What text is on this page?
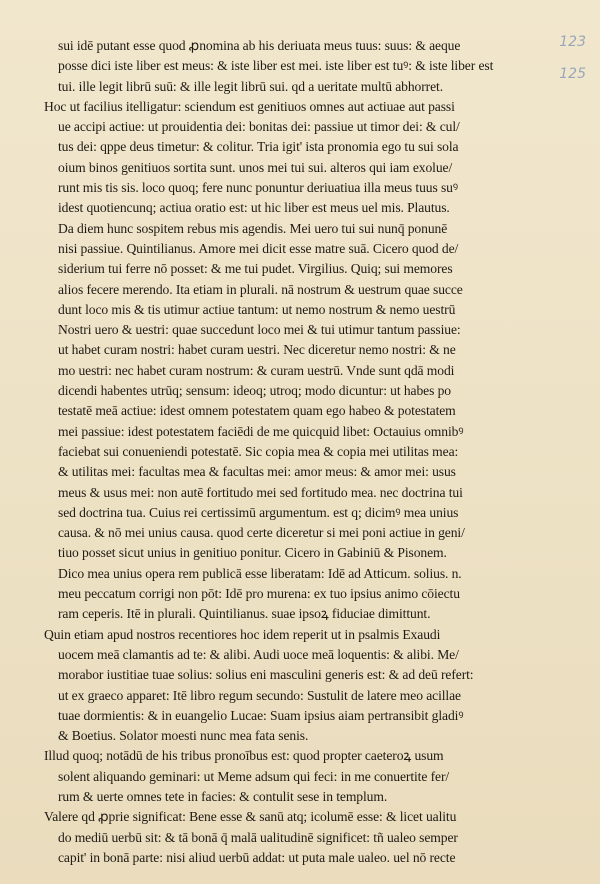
123
125
sui idē putant esse quod ꝓnomina ab his deriuata meus tuus: suus: & aeque
posse dici iste liber est meus: & iste liber est mei. iste liber est tuꝰ: & iste liber est
tui. ille legit librū suū: & ille legit librū sui. qd a ueritate multū abhorret.
Hoc ut facilius itelligatur: sciendum est genitiuos omnes aut actiuae aut passi
ue accipi actiue: ut prouidentia dei: bonitas dei: passiue ut timor dei: & cul/
tus dei: qppe deus timetur: & colitur. Tria igit' ista pronomia ego tu sui sola
oium binos genitiuos sortita sunt. unos mei tui sui. alteros qui iam exolue/
runt mis tis sis. loco quoq; fere nunc ponuntur deriuatiua illa meus tuus suꝰ
idest quotiencunq; actiua oratio est: ut hic liber est meus uel mis. Plautus.
Da diem hunc sospitem rebus mis agendis. Mei uero tui sui nunq̄ ponunē
nisi passiue. Quintilianus. Amore mei dicit esse matre suā. Cicero quod de/
siderium tui ferre nō posset: & me tui pudet. Virgilius. Quiq; sui memores
alios fecere merendo. Ita etiam in plurali. nā nostrum & uestrum quae succe
dunt loco mis & tis utimur actiue tantum: ut nemo nostrum & nemo uestrū
Nostri uero & uestri: quae succedunt loco mei & tui utimur tantum passiue:
ut habet curam nostri: habet curam uestri. Nec diceretur nemo nostri: & ne
mo uestri: nec habet curam nostrum: & curam uestrū. Vnde sunt qdā modi
dicendi habentes utrūq; sensum: ideoq; utroq; modo dicuntur: ut habes po
testatē meā actiue: idest omnem potestatem quam ego habeo & potestatem
mei passiue: idest potestatem faciēdi de me quicquid libet: Octauius omnibꝰ
faciebat sui conueniendi potestatē. Sic copia mea & copia mei utilitas mea:
& utilitas mei: facultas mea & facultas mei: amor meus: & amor mei: usus
meus & usus mei: non autē fortitudo mei sed fortitudo mea. nec doctrina tui
sed doctrina tua. Cuius rei certissimū argumentum. est q; dicimꝰ mea unius
causa. & nō mei unius causa. quod certe diceretur si mei poni actiue in geni/
tiuo posset sicut unius in genitiuo ponitur. Cicero in Gabiniū & Pisonem.
Dico mea unius opera rem publicā esse liberatam: Idē ad Atticum. solius. n.
meu peccatum corrigi non pōt: Idē pro murena: ex tuo ipsius animo cōiectu
ram ceperis. Itē in plurali. Quintilianus. suae ipsoꝝ fiduciae dimittunt.
Quin etiam apud nostros recentiores hoc idem reperit ut in psalmis Exaudi
uocem meā clamantis ad te: & alibi. Audi uoce meā loquentis: & alibi. Me/
morabor iustitiae tuae solius: solius eni masculini generis est: & ad deū refert:
ut ex graeco apparet: Itē libro regum secundo: Sustulit de latere meo acillae
tuae dormientis: & in euangelio Lucae: Suam ipsius aiam pertransibit gladiꝰ
& Boetius. Solator moesti nunc mea fata senis.
Illud quoq; notādū de his tribus pronoībus est: quod propter caeteroꝝ usum
solent aliquando geminari: ut Meme adsum qui feci: in me conuertite fer/
rum & uerte omnes tete in facies: & contulit sese in templum.
Valere qd ꝓprie significat: Bene esse & sanū atq; icolumē esse: & licet ualitu
do mediū uerbū sit: & tā bonā q̄ malā ualitudinē significet: tñ ualeo semper
capit' in bonā parte: nisi aliud uerbū addat: ut puta male ualeo. uel nō recte
